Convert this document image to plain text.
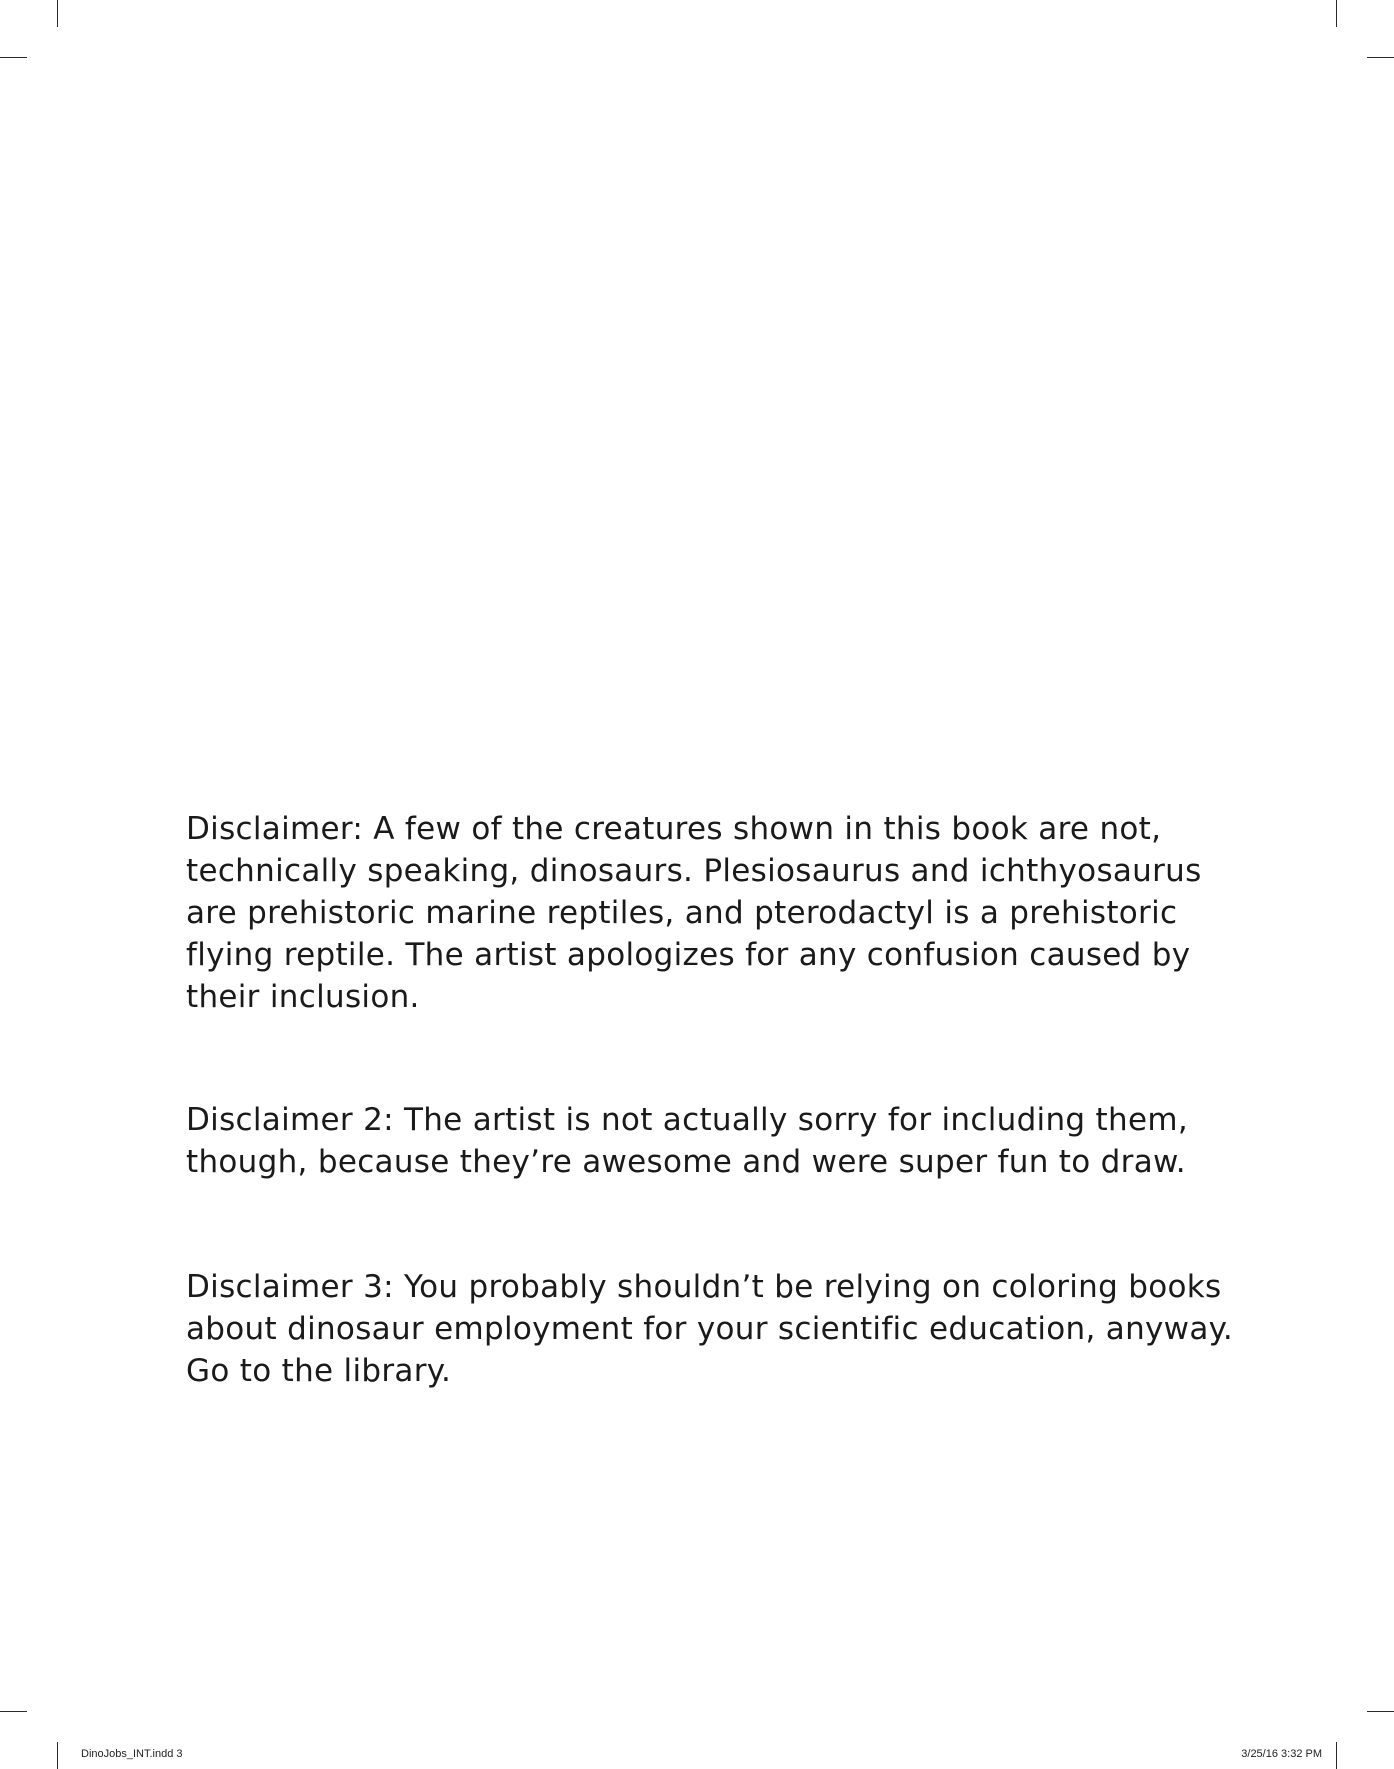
Disclaimer: A few of the creatures shown in this book are not,
technically speaking, dinosaurs. Plesiosaurus and ichthyosaurus
are prehistoric marine reptiles, and pterodactyl is a prehistoric
flying reptile. The artist apologizes for any confusion caused by
their inclusion.

Disclaimer 2: The artist is not actually sorry for including them,
though, because they’re awesome and were super fun to draw.

Disclaimer 3: You probably shouldn’t be relying on coloring books
about dinosaur employment for your scientific education, anyway.
Go to the library.

DinoJobs_INT.indd 3	3/25/16 3:32 PM
